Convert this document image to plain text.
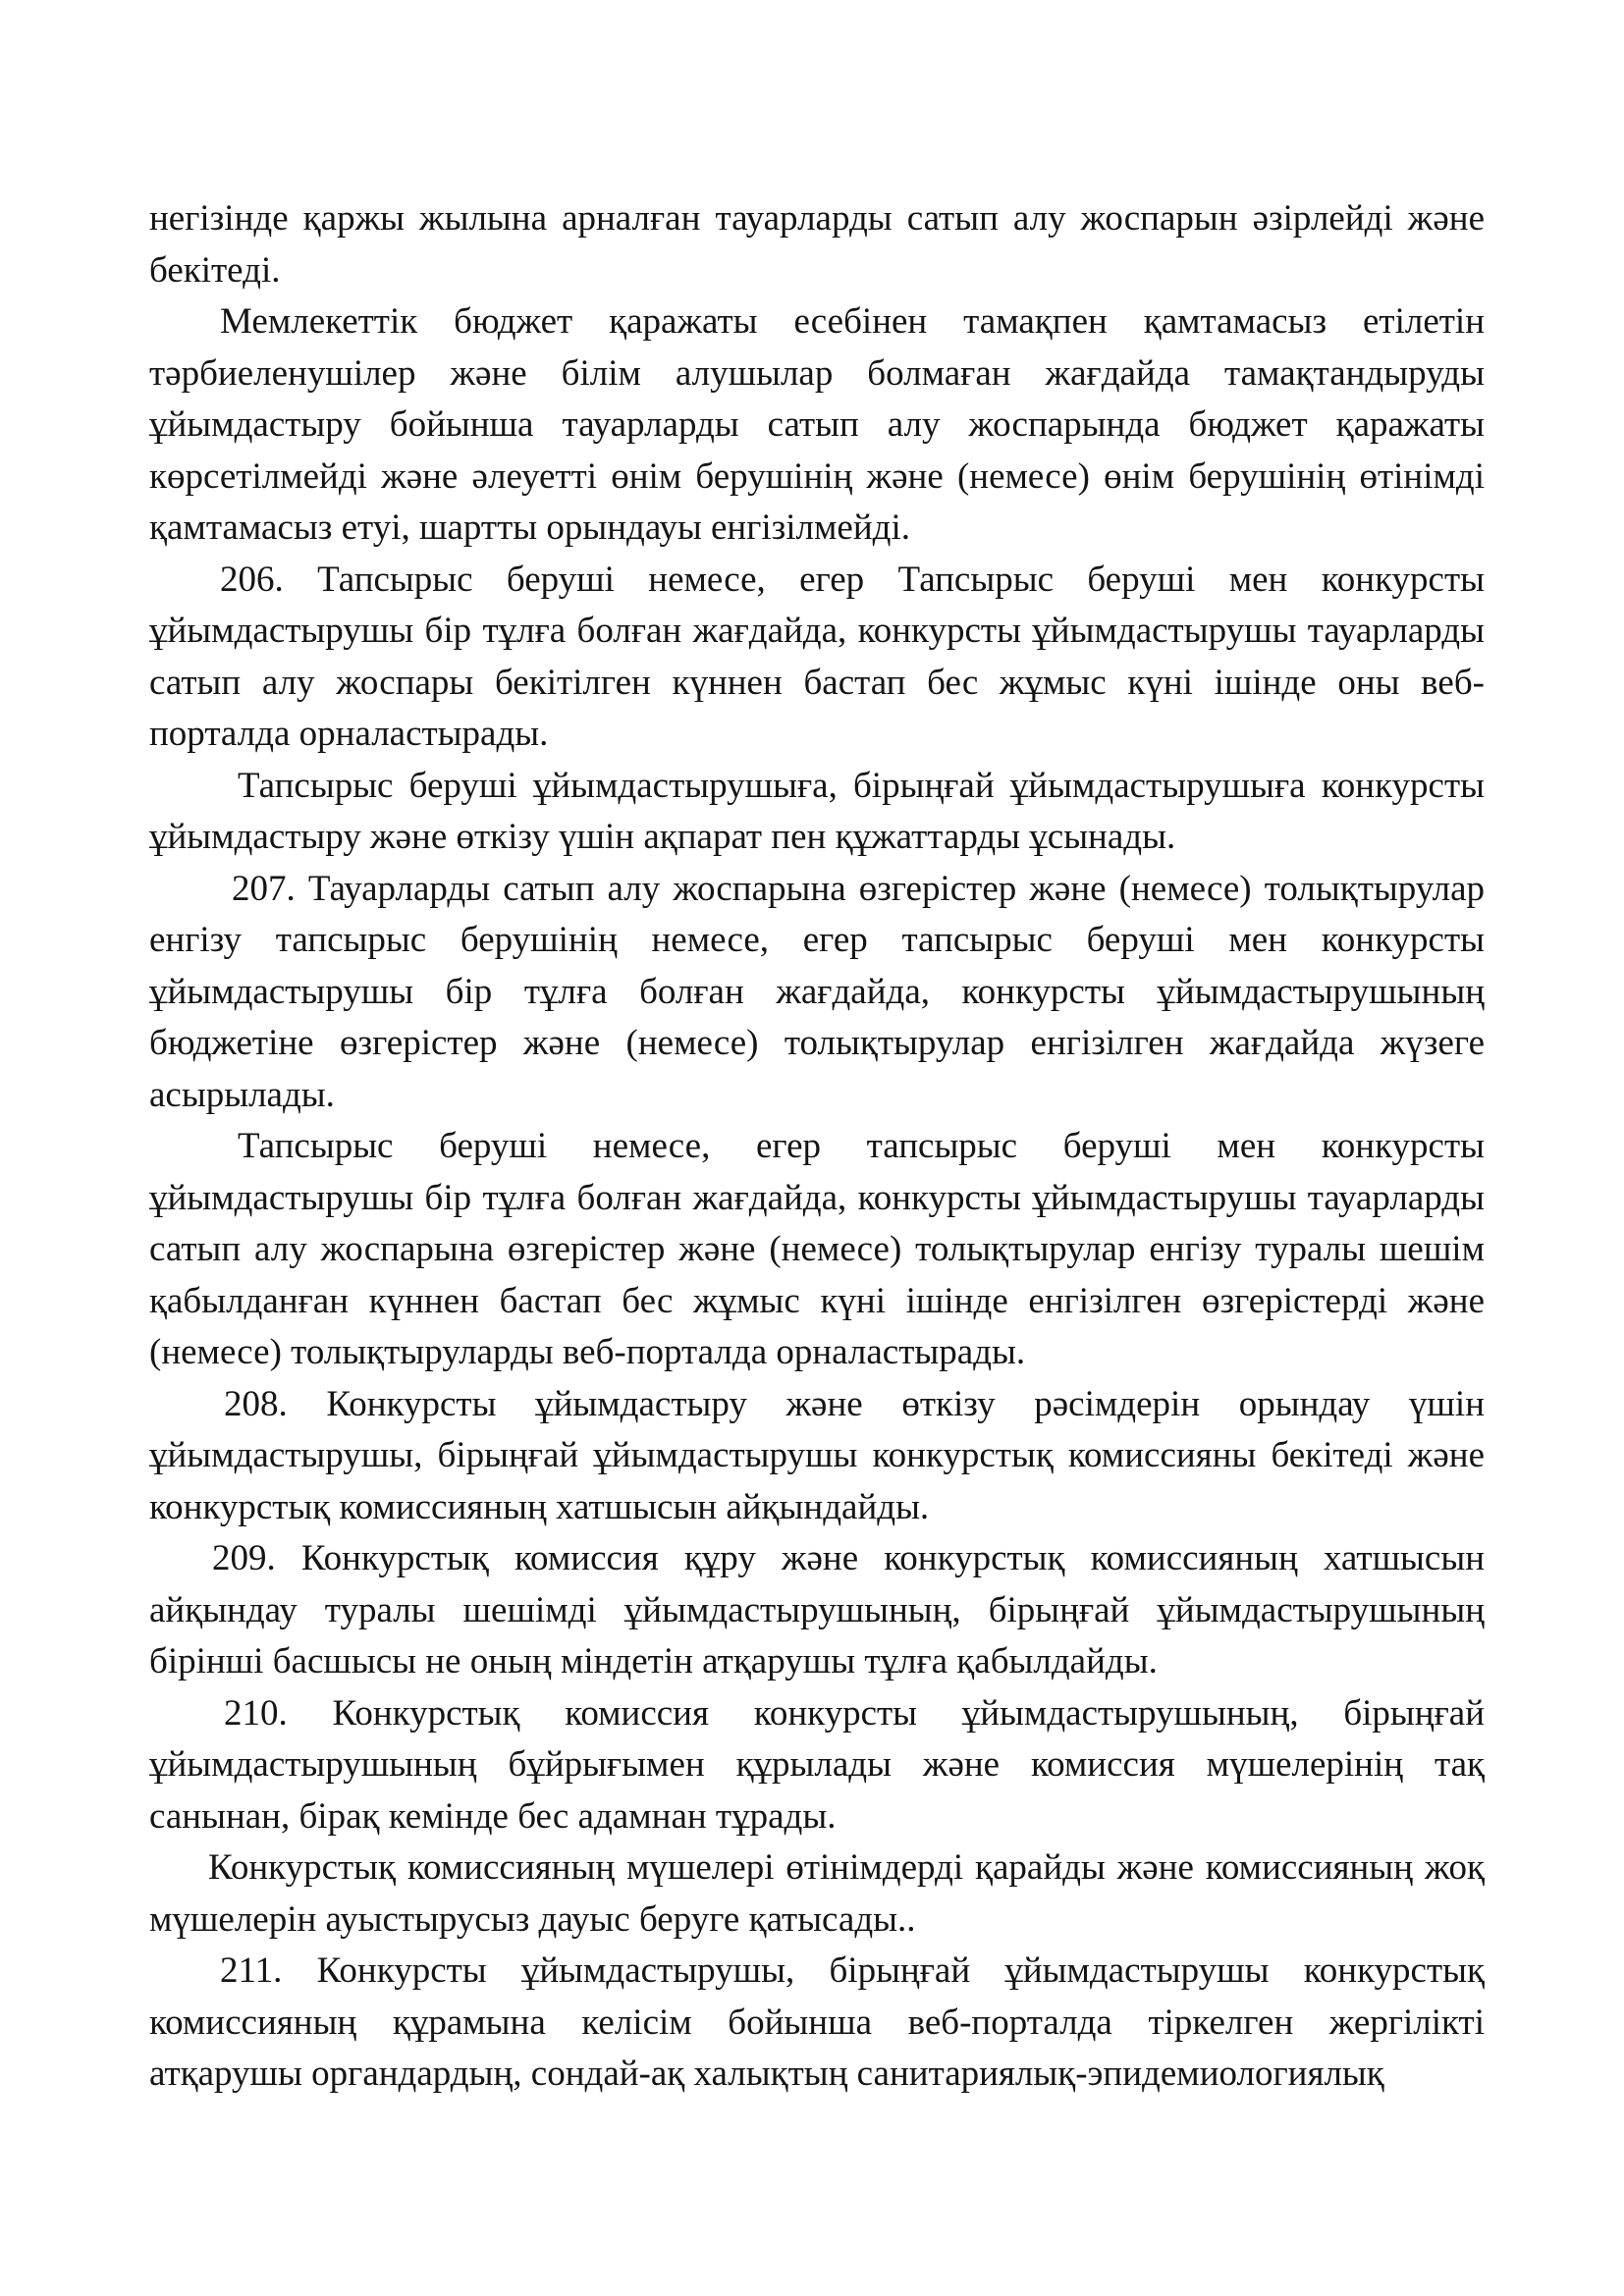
негізінде қаржы жылына арналған тауарларды сатып алу жоспарын әзірлейді және бекітеді.

Мемлекеттік бюджет қаражаты есебінен тамақпен қамтамасыз етілетін тәрбиеленушілер және білім алушылар болмаған жағдайда тамақтандыруды ұйымдастыру бойынша тауарларды сатып алу жоспарында бюджет қаражаты көрсетілмейді және әлеуетті өнім берушінің және (немесе) өнім берушінің өтінімді қамтамасыз етуі, шартты орындауы енгізілмейді.

206. Тапсырыс беруші немесе, егер Тапсырыс беруші мен конкурсты ұйымдастырушы бір тұлға болған жағдайда, конкурсты ұйымдастырушы тауарларды сатып алу жоспары бекітілген күннен бастап бес жұмыс күні ішінде оны веб-порталда орналастырады.

Тапсырыс беруші ұйымдастырушыға, бірыңғай ұйымдастырушыға конкурсты ұйымдастыру және өткізу үшін ақпарат пен құжаттарды ұсынады.

207. Тауарларды сатып алу жоспарына өзгерістер және (немесе) толықтырулар енгізу тапсырыс берушінің немесе, егер тапсырыс беруші мен конкурсты ұйымдастырушы бір тұлға болған жағдайда, конкурсты ұйымдастырушының бюджетіне өзгерістер және (немесе) толықтырулар енгізілген жағдайда жүзеге асырылады.

Тапсырыс беруші немесе, егер тапсырыс беруші мен конкурсты ұйымдастырушы бір тұлға болған жағдайда, конкурсты ұйымдастырушы тауарларды сатып алу жоспарына өзгерістер және (немесе) толықтырулар енгізу туралы шешім қабылданған күннен бастап бес жұмыс күні ішінде енгізілген өзгерістерді және (немесе) толықтыруларды веб-порталда орналастырады.

208. Конкурсты ұйымдастыру және өткізу рәсімдерін орындау үшін ұйымдастырушы, бірыңғай ұйымдастырушы конкурстық комиссияны бекітеді және конкурстық комиссияның хатшысын айқындайды.

209. Конкурстық комиссия құру және конкурстық комиссияның хатшысын айқындау туралы шешімді ұйымдастырушының, бірыңғай ұйымдастырушының бірінші басшысы не оның міндетін атқарушы тұлға қабылдайды.

210. Конкурстық комиссия конкурсты ұйымдастырушының, бірыңғай ұйымдастырушының бұйрығымен құрылады және комиссия мүшелерінің тақ санынан, бірақ кемінде бес адамнан тұрады.

Конкурстық комиссияның мүшелері өтінімдерді қарайды және комиссияның жоқ мүшелерін ауыстырусыз дауыс беруге қатысады..

211. Конкурсты ұйымдастырушы, бірыңғай ұйымдастырушы конкурстық комиссияның құрамына келісім бойынша веб-порталда тіркелген жергілікті атқарушы органдардың, сондай-ақ халықтың санитариялық-эпидемиологиялық
